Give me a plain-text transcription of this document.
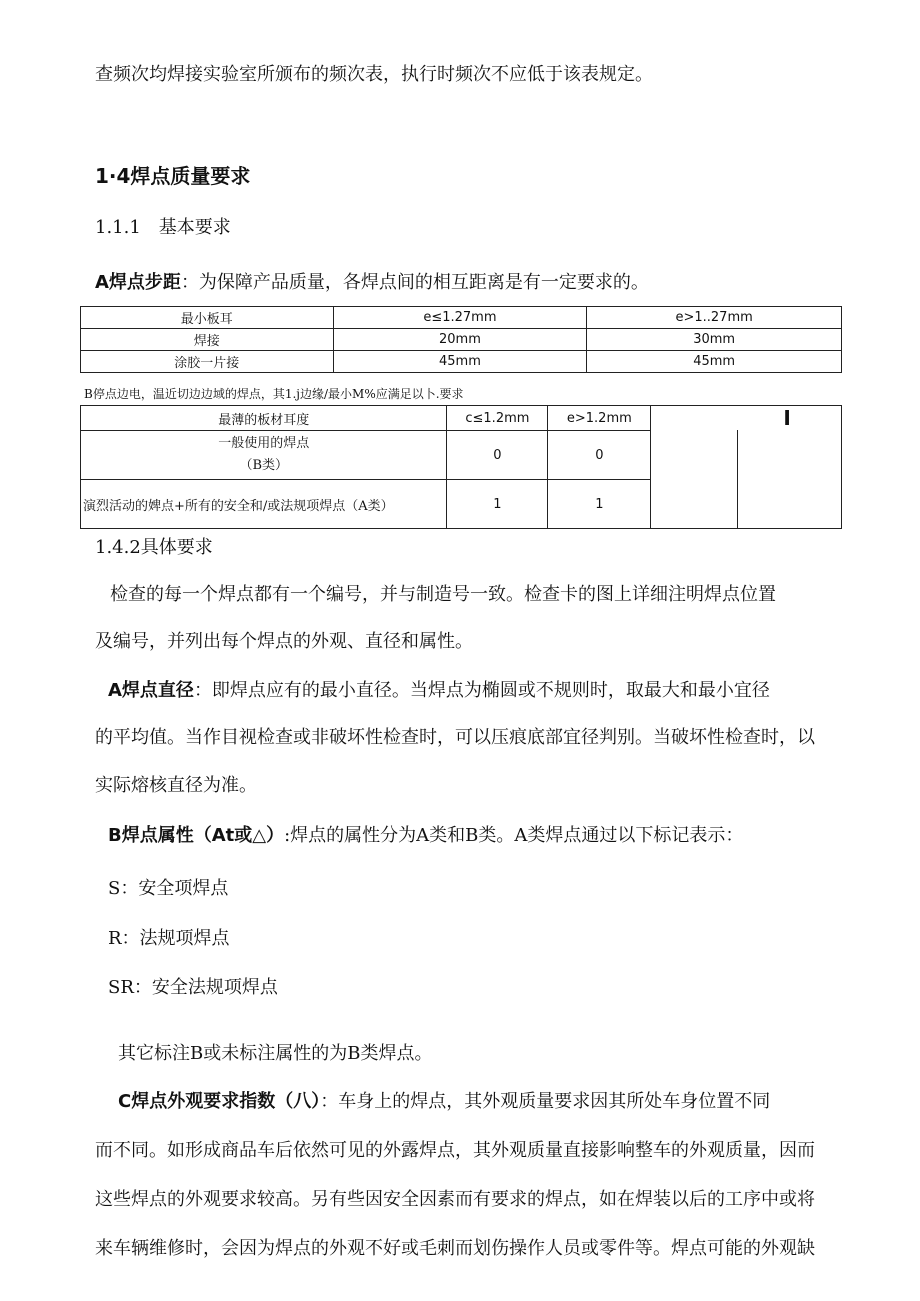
查频次均焊接实验室所颁布的频次表，执行时频次不应低于该表规定。
1·4焊点质量要求
1.1.1　基本要求
A焊点步距：为保障产品质量，各焊点间的相互距离是有一定要求的。
最小板耳	e≤1.27mm	e>1..27mm
焊接	20mm	30mm
涂胶一片接	45mm	45mm
B停点边电，温近切边边域的焊点，其1.j边缘/最小M%应满足以卜.要求
最薄的板材耳度	c≤1.2mm	e>1.2mm	I

一般使用的焊点
（B类）	0	0	
演烈活动的婢点+所有的安全和/或法规项焊点（A类）	1	1	
1.4.2具体要求
检查的每一个焊点都有一个编号，并与制造号一致。检查卡的图上详细注明焊点位置
及编号，并列出每个焊点的外观、直径和属性。
A焊点直径：即焊点应有的最小直径。当焊点为椭圆或不规则时，取最大和最小宜径
的平均值。当作目视检查或非破坏性检查时，可以压痕底部宜径判别。当破坏性检查时，以
实际熔核直径为准。
B焊点属性（At或△）:焊点的属性分为A类和B类。A类焊点通过以下标记表示：
S：安全项焊点
R：法规项焊点
SR：安全法规项焊点
其它标注B或未标注属性的为B类焊点。
C焊点外观要求指数（八）：车身上的焊点，其外观质量要求因其所处车身位置不同
而不同。如形成商品车后依然可见的外露焊点，其外观质量直接影响整车的外观质量，因而
这些焊点的外观要求较高。另有些因安全因素而有要求的焊点，如在焊装以后的工序中或将
来车辆维修时，会因为焊点的外观不好或毛刺而划伤操作人员或零件等。焊点可能的外观缺
